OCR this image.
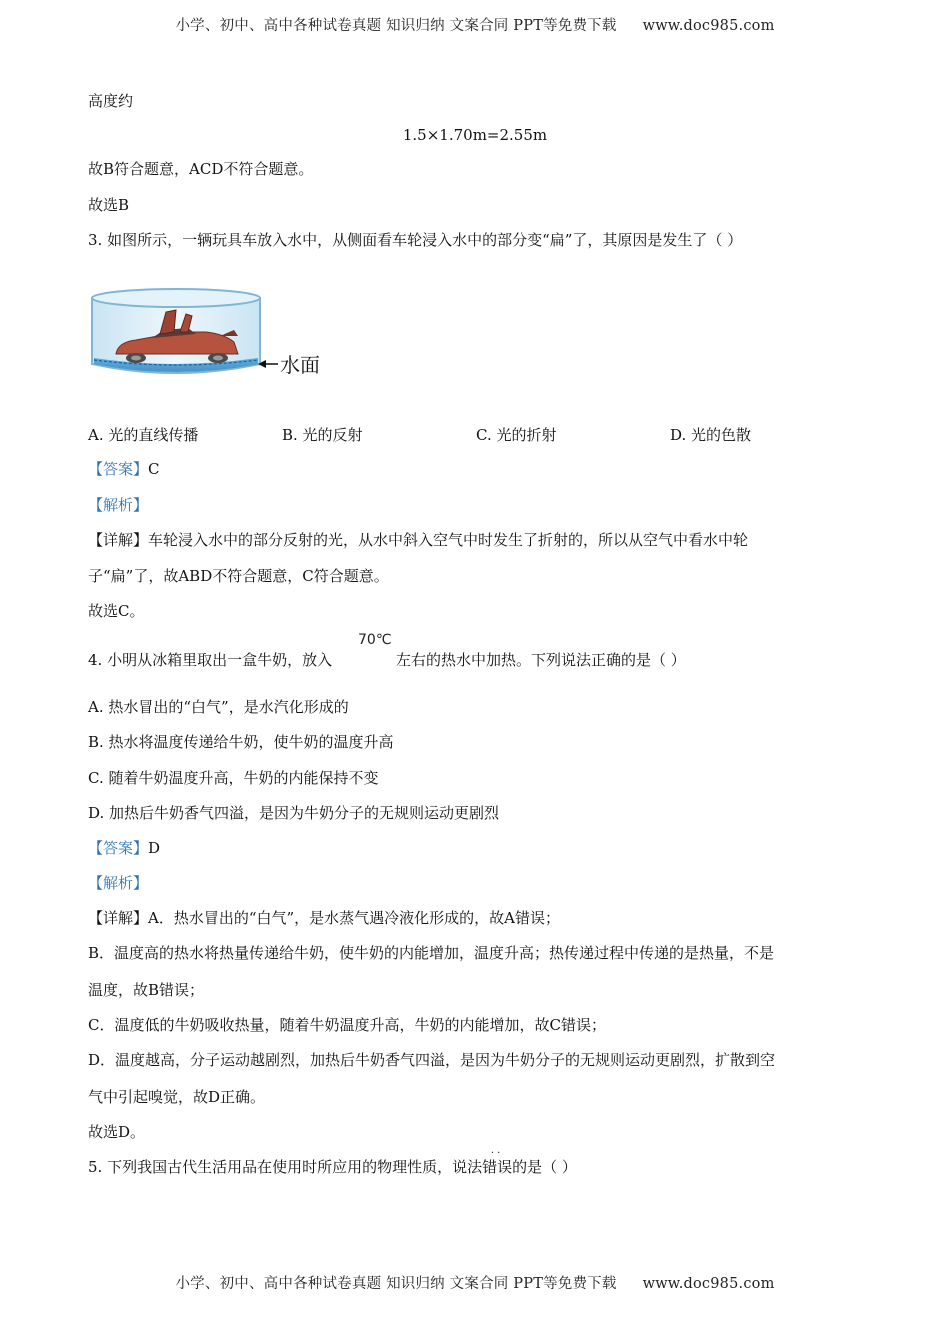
小学、初中、高中各种试卷真题 知识归纳 文案合同 PPT等免费下载 www.doc985.com
高度约
1.5×1.70m=2.55m
故B符合题意，ACD不符合题意。
故选B
3. 如图所示，一辆玩具车放入水中，从侧面看车轮浸入水中的部分变“扁”了，其原因是发生了（ ）
水面
A. 光的直线传播	B. 光的反射	C. 光的折射	D. 光的色散
【答案】C
【解析】
【详解】车轮浸入水中的部分反射的光，从水中斜入空气中时发生了折射的，所以从空气中看水中轮
子“扁”了，故ABD不符合题意，C符合题意。
故选C。
70℃
4. 小明从冰箱里取出一盒牛奶，放入	左右的热水中加热。下列说法正确的是（ ）
A. 热水冒出的“白气”，是水汽化形成的
B. 热水将温度传递给牛奶，使牛奶的温度升高
C. 随着牛奶温度升高，牛奶的内能保持不变
D. 加热后牛奶香气四溢，是因为牛奶分子的无规则运动更剧烈
【答案】D
【解析】
【详解】A．热水冒出的“白气”，是水蒸气遇冷液化形成的，故A错误；
B．温度高的热水将热量传递给牛奶，使牛奶的内能增加，温度升高；热传递过程中传递的是热量，不是
温度，故B错误；
C．温度低的牛奶吸收热量，随着牛奶温度升高，牛奶的内能增加，故C错误；
D．温度越高，分子运动越剧烈，加热后牛奶香气四溢，是因为牛奶分子的无规则运动更剧烈，扩散到空
气中引起嗅觉，故D正确。
故选D。
5. 下列我国古代生活用品在使用时所应用的物理性质，说法
..
错误的是（ ）
小学、初中、高中各种试卷真题 知识归纳 文案合同 PPT等免费下载 www.doc985.com
